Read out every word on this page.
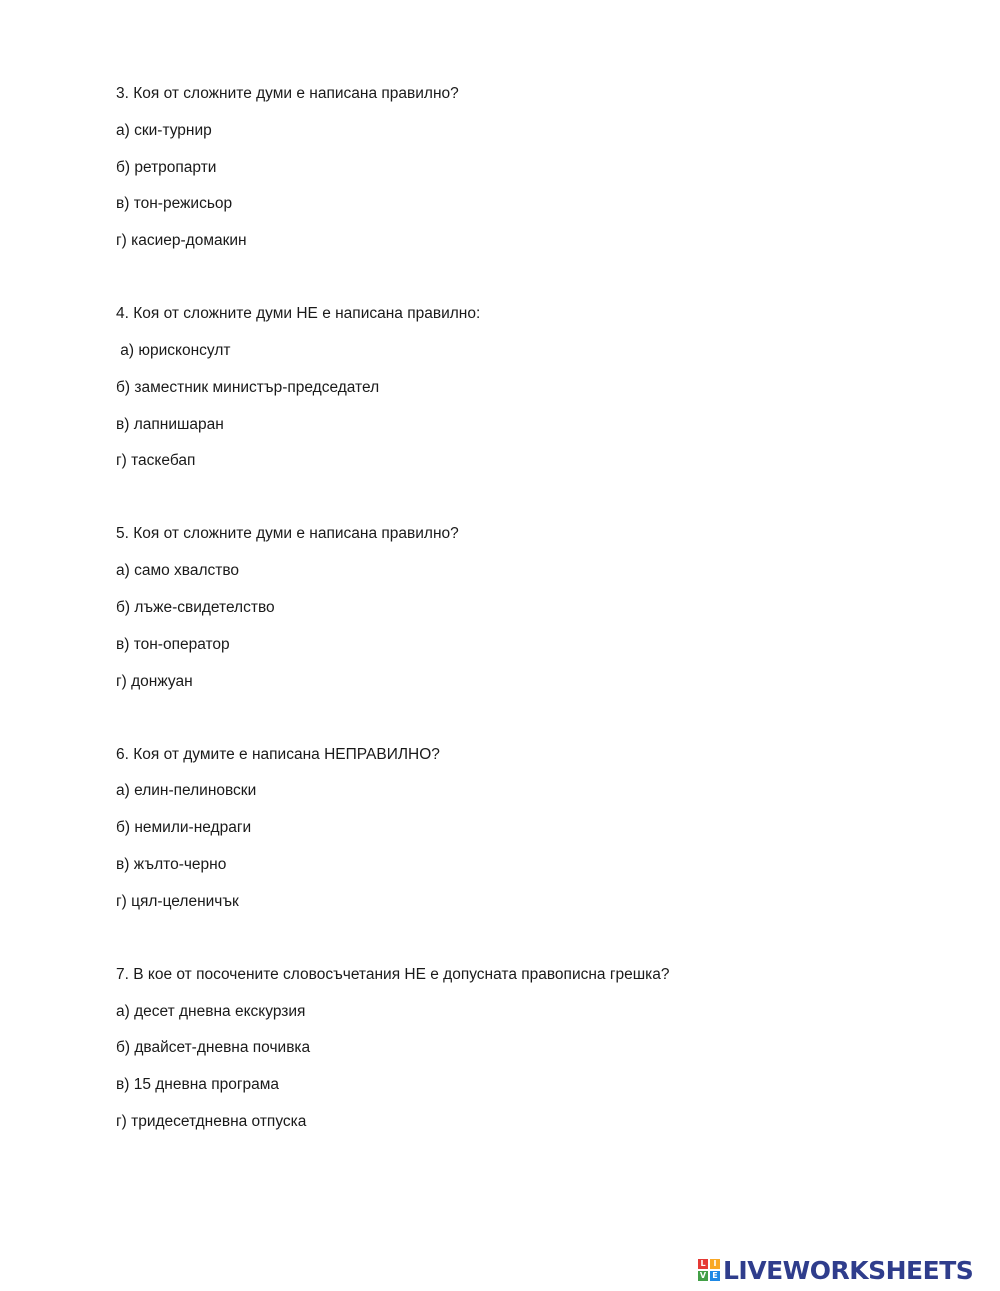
3. Коя от сложните думи е написана правилно?
а) ски-турнир
б) ретропарти
в) тон-режисьор
г) касиер-домакин
4. Коя от сложните думи НЕ е написана правилно:
а) юрисконсулт
б) заместник министър-председател
в) лапнишаран
г) таскебап
5. Коя от сложните думи е написана правилно?
а) само хвалство
б) лъже-свидетелство
в) тон-оператор
г) донжуан
6. Коя от думите е написана НЕПРАВИЛНО?
а) елин-пелиновски
б) немили-недраги
в) жълто-черно
г) цял-целеничък
7. В кое от посочените словосъчетания НЕ е допусната правописна грешка?
а) десет дневна екскурзия
б) двайсет-дневна почивка
в) 15 дневна програма
г) тридесетдневна отпуска
L I
V E LIVEWORKSHEETS
